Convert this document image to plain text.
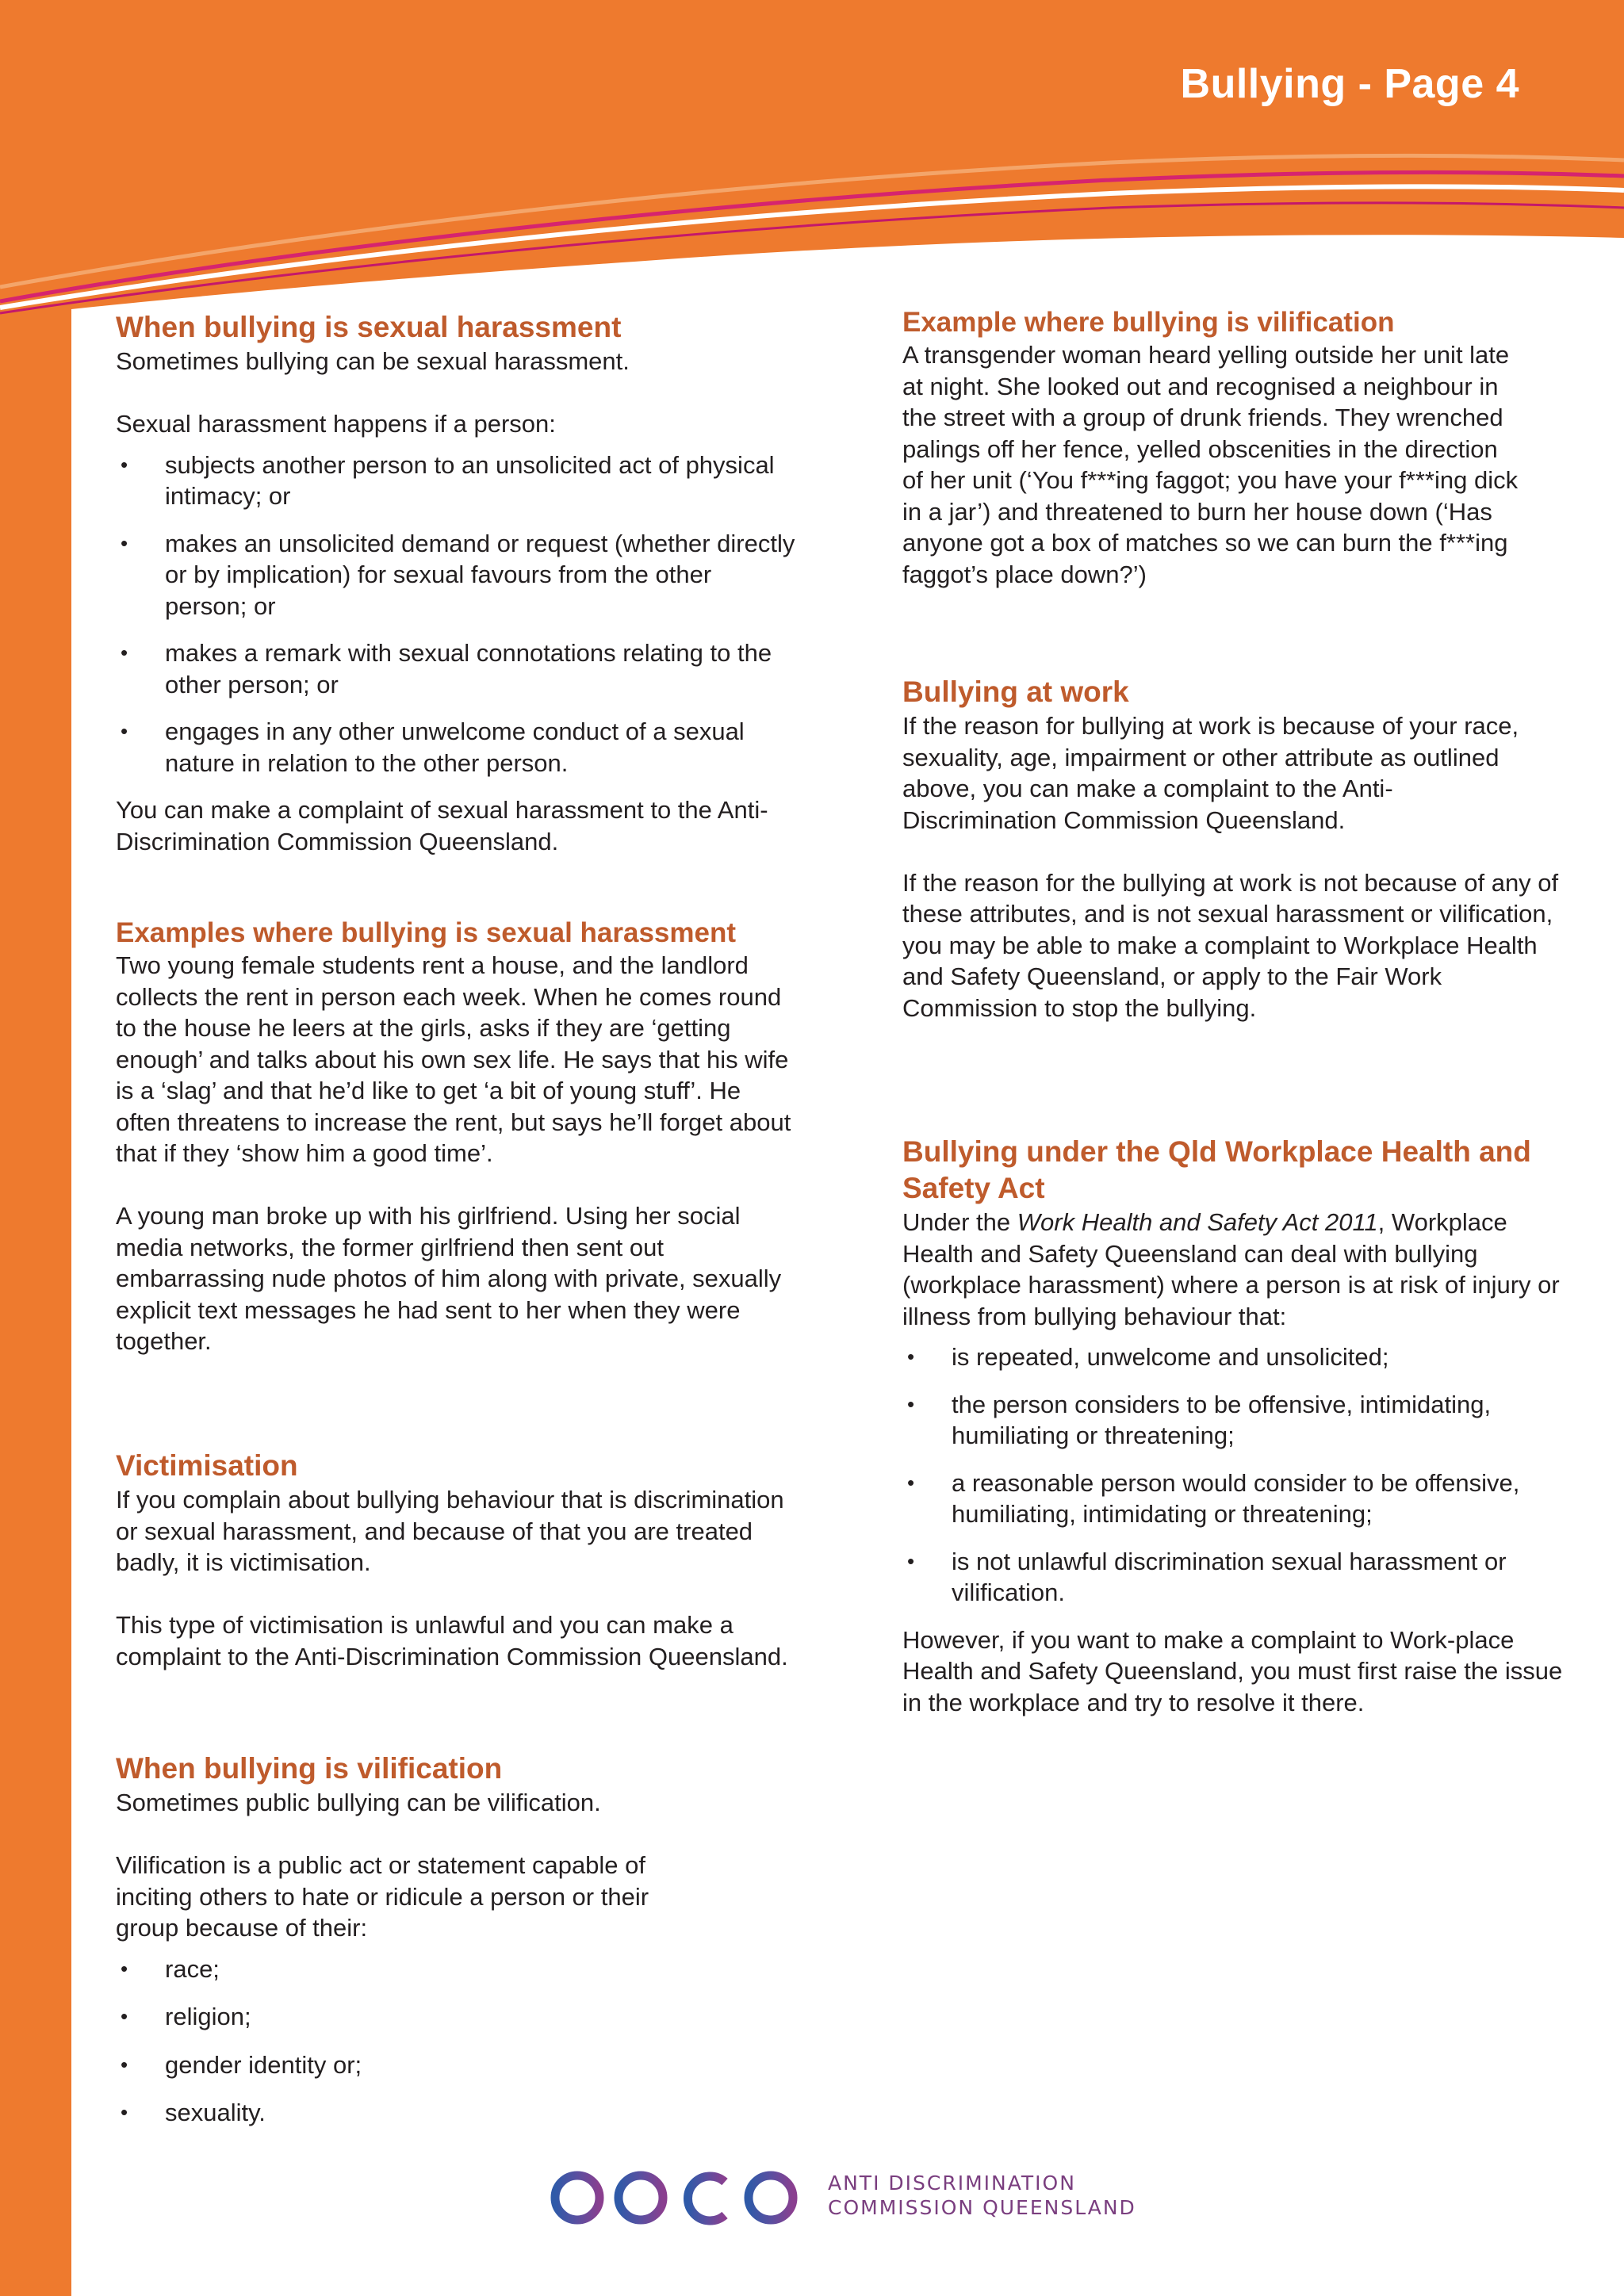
Bullying - Page 4
When bullying is sexual harassment

Sometimes bullying can be sexual harassment.

Sexual harassment happens if a person:

• subjects another person to an unsolicited act of physical intimacy; or
• makes an unsolicited demand or request (whether directly or by implication) for sexual favours from the other person; or
• makes a remark with sexual connotations relating to the other person; or
• engages in any other unwelcome conduct of a sexual nature in relation to the other person.

You can make a complaint of sexual harassment to the Anti-Discrimination Commission Queensland.

Examples where bullying is sexual harassment

Two young female students rent a house, and the landlord collects the rent in person each week. When he comes round to the house he leers at the girls, asks if they are ‘getting enough’ and talks about his own sex life. He says that his wife is a ‘slag’ and that he’d like to get ‘a bit of young stuff’. He often threatens to increase the rent, but says he’ll forget about that if they ‘show him a good time’.

A young man broke up with his girlfriend. Using her social media networks, the former girlfriend then sent out embarrassing nude photos of him along with private, sexually explicit text messages he had sent to her when they were together.

Victimisation

If you complain about bullying behaviour that is discrimination or sexual harassment, and because of that you are treated badly, it is victimisation.

This type of victimisation is unlawful and you can make a complaint to the Anti-Discrimination Commission Queensland.

When bullying is vilification

Sometimes public bullying can be vilification.

Vilification is a public act or statement capable of inciting others to hate or ridicule a person or their group because of their:

• race;
• religion;
• gender identity or;
• sexuality.
Example where bullying is vilification

A transgender woman heard yelling outside her unit late at night. She looked out and recognised a neighbour in the street with a group of drunk friends. They wrenched palings off her fence, yelled obscenities in the direction of her unit (‘You f***ing faggot; you have your f***ing dick in a jar’) and threatened to burn her house down (‘Has anyone got a box of matches so we can burn the f***ing faggot’s place down?’)

Bullying at work

If the reason for bullying at work is because of your race, sexuality, age, impairment or other attribute as outlined above, you can make a complaint to the Anti-Discrimination Commission Queensland.

If the reason for the bullying at work is not because of any of these attributes, and is not sexual harassment or vilification, you may be able to make a complaint to Workplace Health and Safety Queensland, or apply to the Fair Work Commission to stop the bullying.

Bullying under the Qld Workplace Health and Safety Act

Under the Work Health and Safety Act 2011, Workplace Health and Safety Queensland can deal with bullying (workplace harassment) where a person is at risk of injury or illness from bullying behaviour that:

• is repeated, unwelcome and unsolicited;
• the person considers to be offensive, intimidating, humiliating or threatening;
• a reasonable person would consider to be offensive, humiliating, intimidating or threatening;
• is not unlawful discrimination sexual harassment or vilification.

However, if you want to make a complaint to Work-place Health and Safety Queensland, you must first raise the issue in the workplace and try to resolve it there.

ANTI DISCRIMINATION
COMMISSION QUEENSLAND
